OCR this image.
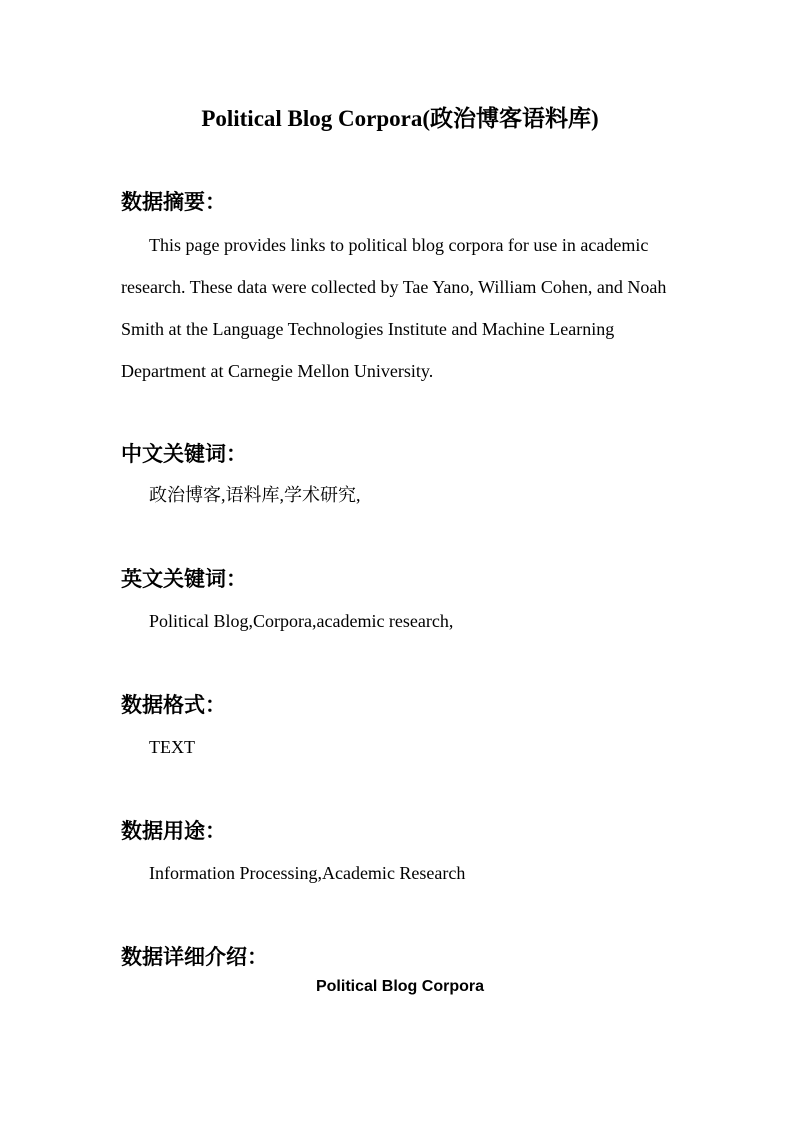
Political Blog Corpora(政治博客语料库)
数据摘要：

This page provides links to political blog corpora for use in academic research. These data were collected by Tae Yano, William Cohen, and Noah Smith at the Language Technologies Institute and Machine Learning Department at Carnegie Mellon University.

中文关键词：

政治博客,语料库,学术研究,

英文关键词：

Political Blog,Corpora,academic research,

数据格式：

TEXT

数据用途：

Information Processing,Academic Research

数据详细介绍：

Political Blog Corpora
